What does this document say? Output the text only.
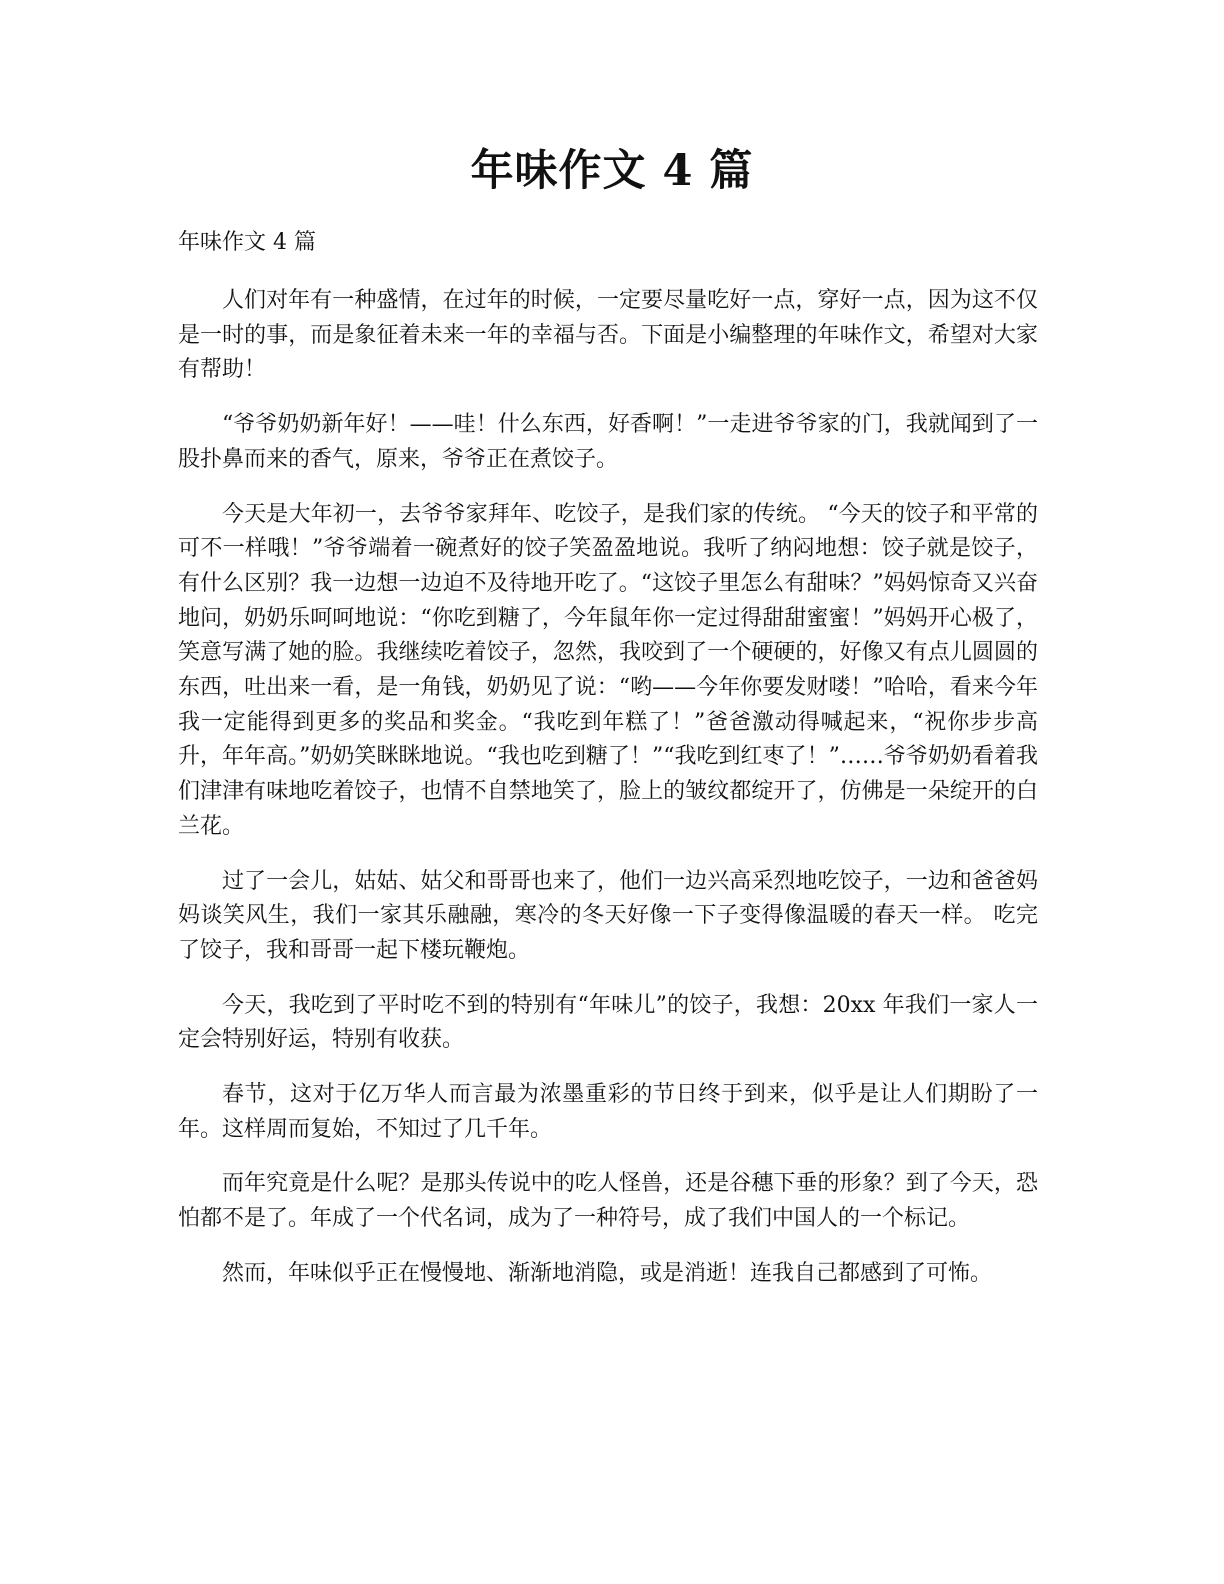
年味作文 4 篇

年味作文 4 篇

人们对年有一种盛情，在过年的时候，一定要尽量吃好一点，穿好一点，因为这不仅是一时的事，而是象征着未来一年的幸福与否。下面是小编整理的年味作文，希望对大家有帮助！

“爷爷奶奶新年好！——哇！什么东西，好香啊！”一走进爷爷家的门，我就闻到了一股扑鼻而来的香气，原来，爷爷正在煮饺子。

今天是大年初一，去爷爷家拜年、吃饺子，是我们家的传统。 “今天的饺子和平常的可不一样哦！”爷爷端着一碗煮好的饺子笑盈盈地说。我听了纳闷地想：饺子就是饺子，有什么区别？我一边想一边迫不及待地开吃了。“这饺子里怎么有甜味？”妈妈惊奇又兴奋地问，奶奶乐呵呵地说：“你吃到糖了，今年鼠年你一定过得甜甜蜜蜜！”妈妈开心极了，笑意写满了她的脸。我继续吃着饺子，忽然，我咬到了一个硬硬的，好像又有点儿圆圆的东西，吐出来一看，是一角钱，奶奶见了说：“哟——今年你要发财喽！”哈哈，看来今年我一定能得到更多的奖品和奖金。“我吃到年糕了！”爸爸激动得喊起来，“祝你步步高升，年年高。”奶奶笑眯眯地说。“我也吃到糖了！”“我吃到红枣了！”……爷爷奶奶看着我们津津有味地吃着饺子，也情不自禁地笑了，脸上的皱纹都绽开了，仿佛是一朵绽开的白兰花。

过了一会儿，姑姑、姑父和哥哥也来了，他们一边兴高采烈地吃饺子，一边和爸爸妈妈谈笑风生，我们一家其乐融融，寒冷的冬天好像一下子变得像温暖的春天一样。 吃完了饺子，我和哥哥一起下楼玩鞭炮。

今天，我吃到了平时吃不到的特别有“年味儿”的饺子，我想：20xx 年我们一家人一定会特别好运，特别有收获。

春节，这对于亿万华人而言最为浓墨重彩的节日终于到来，似乎是让人们期盼了一年。这样周而复始，不知过了几千年。

而年究竟是什么呢？是那头传说中的吃人怪兽，还是谷穗下垂的形象？到了今天，恐怕都不是了。年成了一个代名词，成为了一种符号，成了我们中国人的一个标记。

然而，年味似乎正在慢慢地、渐渐地消隐，或是消逝！连我自己都感到了可怖。
